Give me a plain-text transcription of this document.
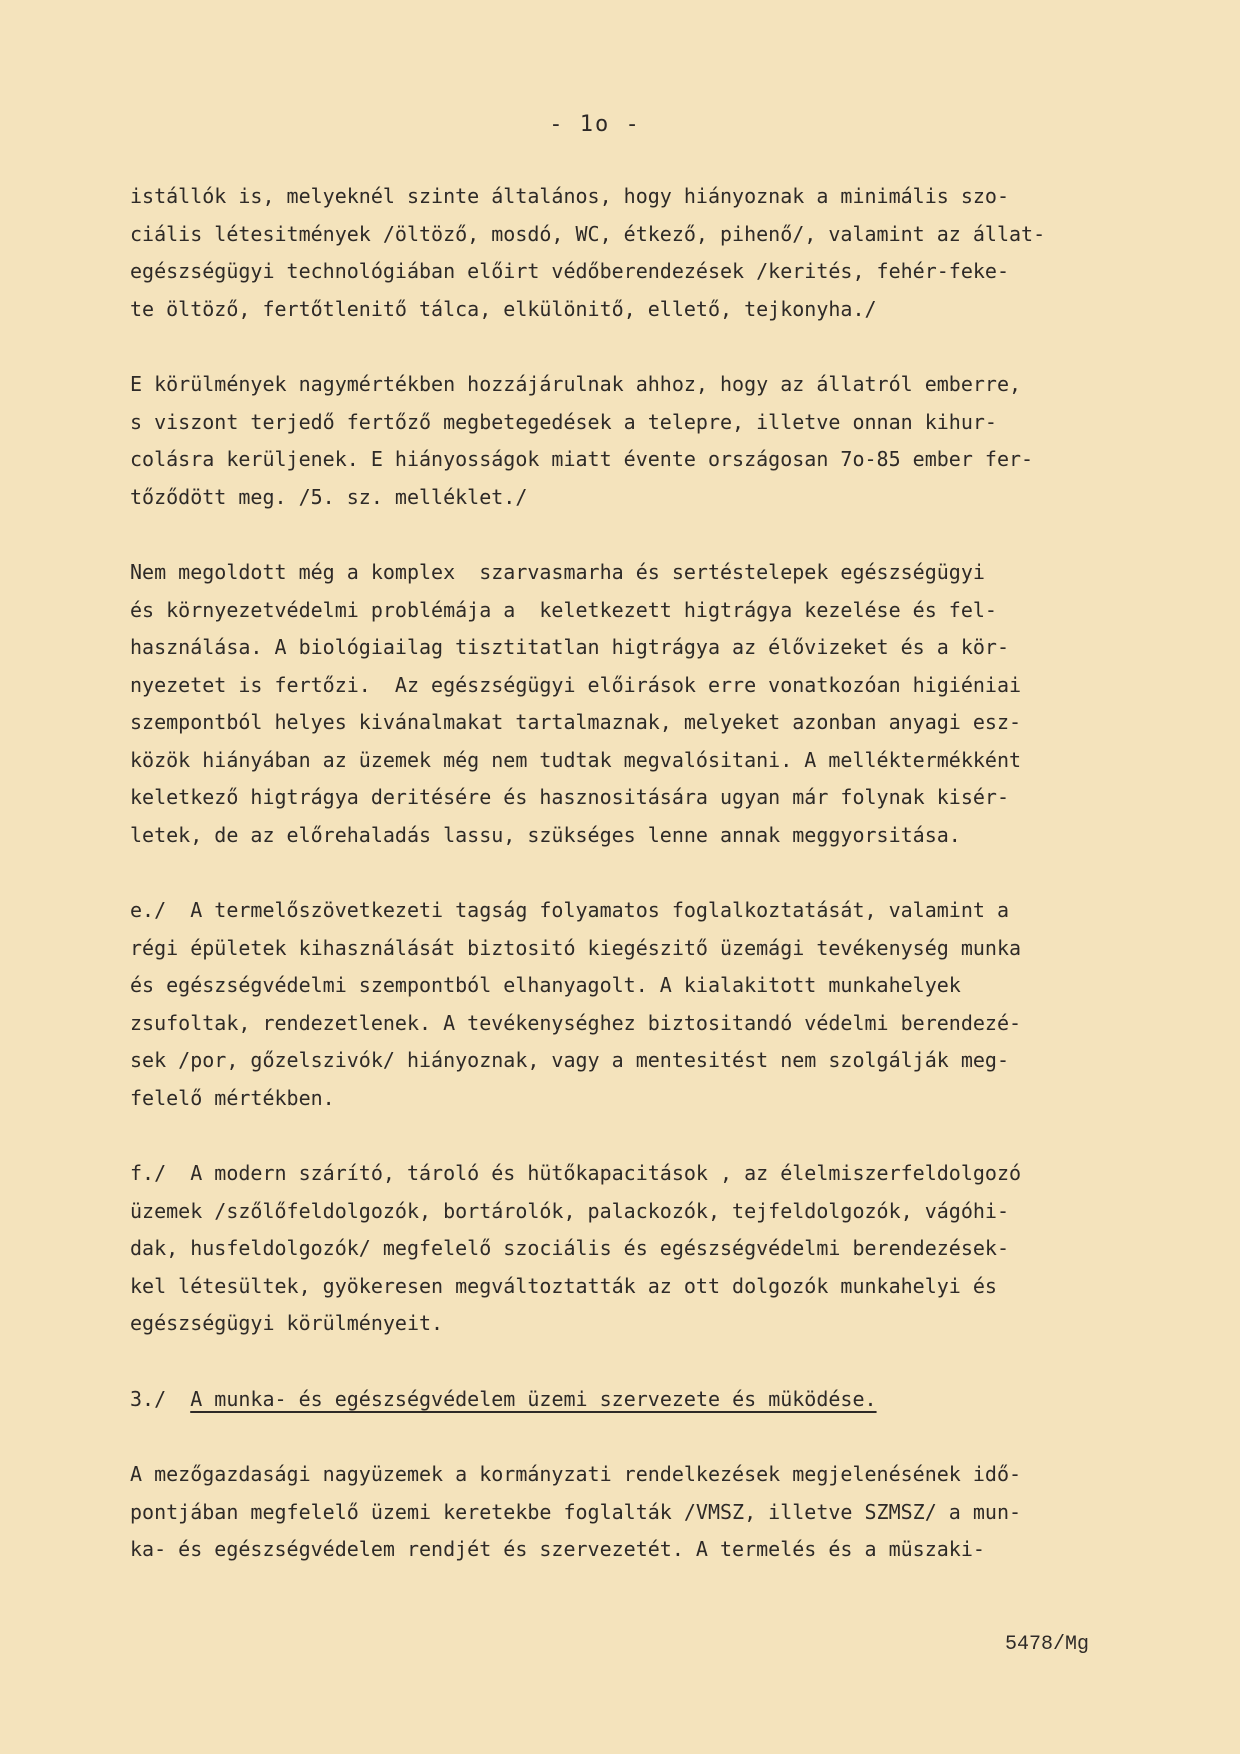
- 1o -
istállók is, melyeknél szinte általános, hogy hiányoznak a minimális szo-
ciális létesitmények /öltöző, mosdó, WC, étkező, pihenő/, valamint az állat-
egészségügyi technológiában előirt védőberendezések /kerités, fehér-feke-
te öltöző, fertőtlenitő tálca, elkülönitő, ellető, tejkonyha./
E körülmények nagymértékben hozzájárulnak ahhoz, hogy az állatról emberre,
s viszont terjedő fertőző megbetegedések a telepre, illetve onnan kihur-
colásra kerüljenek. E hiányosságok miatt évente országosan 7o-85 ember fer-
tőződött meg. /5. sz. melléklet./
Nem megoldott még a komplex  szarvasmarha és sertéstelepek egészségügyi
és környezetvédelmi problémája a  keletkezett higtrágya kezelése és fel-
használása. A biológiailag tisztitatlan higtrágya az élővizeket és a kör-
nyezetet is fertőzi.  Az egészségügyi előirások erre vonatkozóan higiéniai
szempontból helyes kivánalmakat tartalmaznak, melyeket azonban anyagi esz-
közök hiányában az üzemek még nem tudtak megvalósitani. A melléktermékként
keletkező higtrágya deritésére és hasznositására ugyan már folynak kisér-
letek, de az előrehaladás lassu, szükséges lenne annak meggyorsitása.
e./  A termelőszövetkezeti tagság folyamatos foglalkoztatását, valamint a
régi épületek kihasználását biztositó kiegészitő üzemági tevékenység munka
és egészségvédelmi szempontból elhanyagolt. A kialakitott munkahelyek
zsufoltak, rendezetlenek. A tevékenységhez biztositandó védelmi berendezé-
sek /por, gőzelszivók/ hiányoznak, vagy a mentesitést nem szolgálják meg-
felelő mértékben.
f./  A modern szárító, tároló és hütőkapacitások , az élelmiszerfeldolgozó
üzemek /szőlőfeldolgozók, bortárolók, palackozók, tejfeldolgozók, vágóhi-
dak, husfeldolgozók/ megfelelő szociális és egészségvédelmi berendezések-
kel létesültek, gyökeresen megváltoztatták az ott dolgozók munkahelyi és
egészségügyi körülményeit.
3./ A munka- és egészségvédelem üzemi szervezete és müködése.
A mezőgazdasági nagyüzemek a kormányzati rendelkezések megjelenésének idő-
pontjában megfelelő üzemi keretekbe foglalták /VMSZ, illetve SZMSZ/ a mun-
ka- és egészségvédelem rendjét és szervezetét. A termelés és a müszaki-
5478/Mg
